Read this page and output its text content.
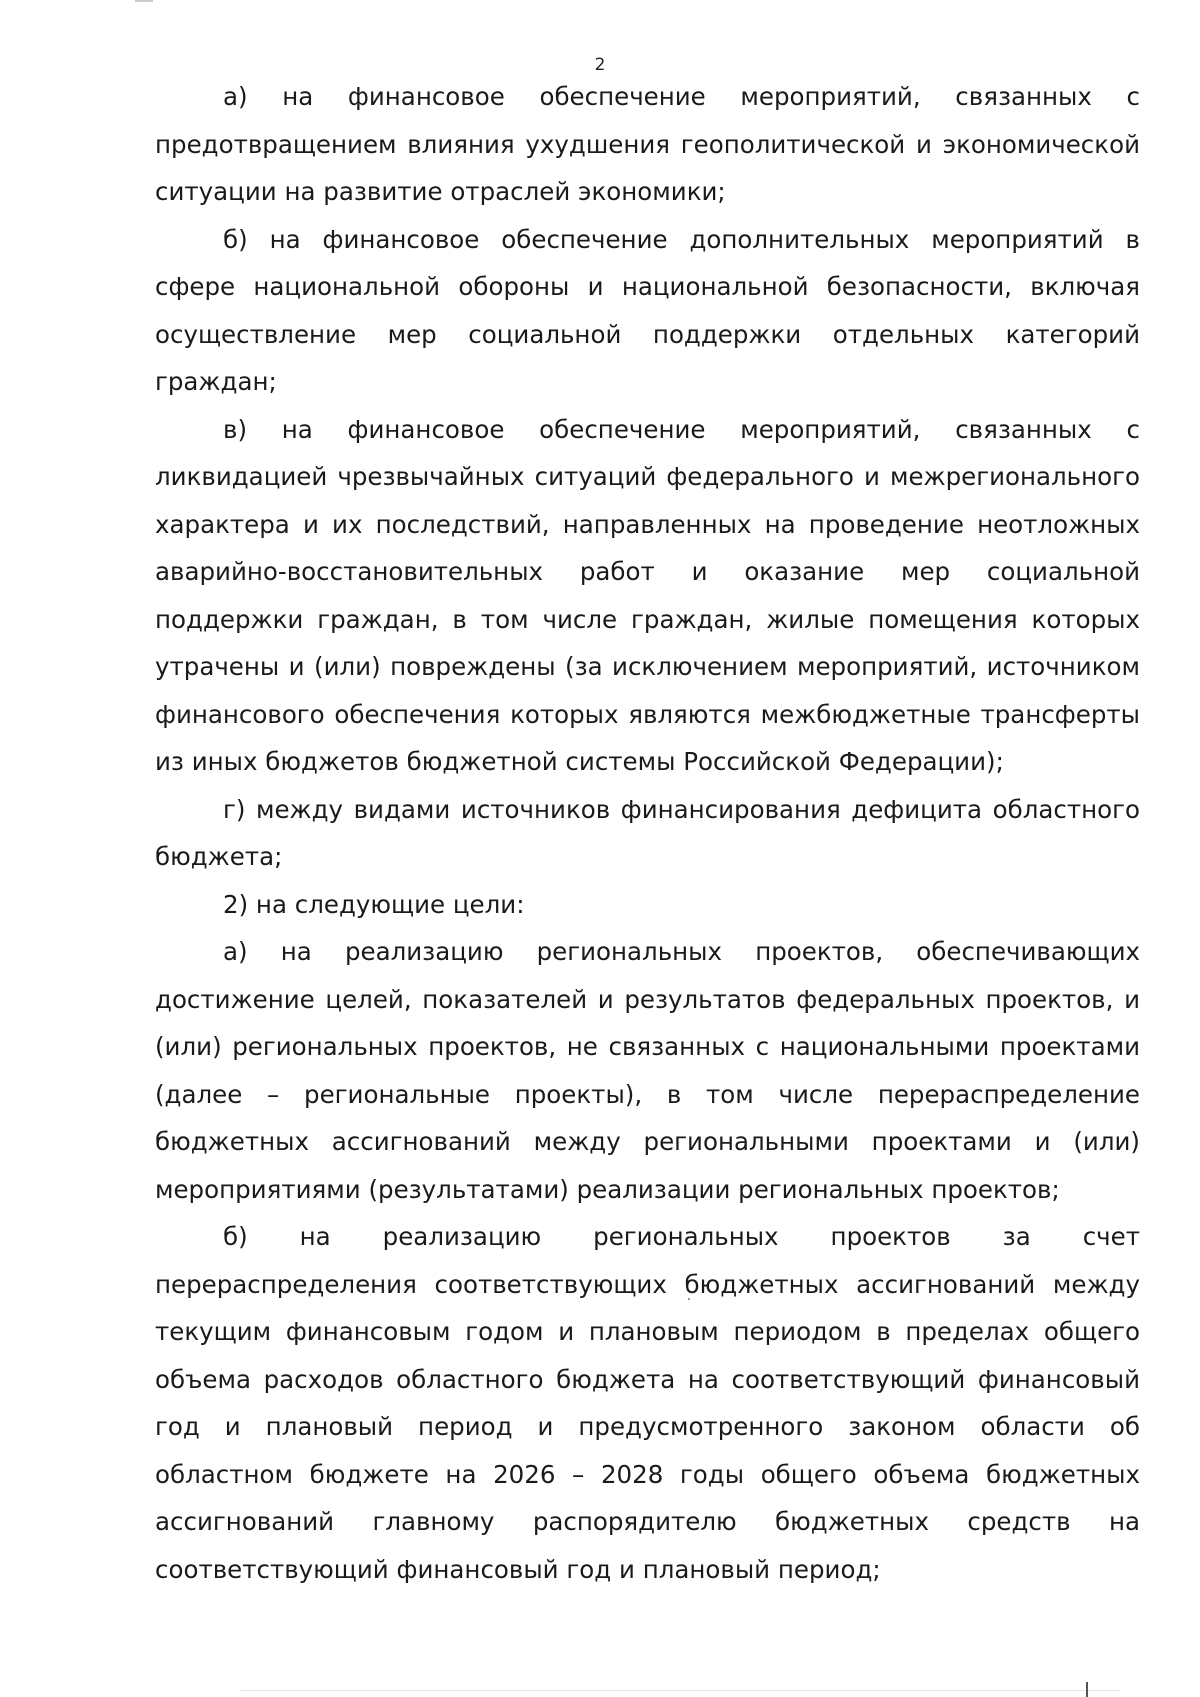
2

а) на финансовое обеспечение мероприятий, связанных с предотвращением влияния ухудшения геополитической и экономической ситуации на развитие отраслей экономики;

б) на финансовое обеспечение дополнительных мероприятий в сфере национальной обороны и национальной безопасности, включая осуществление мер социальной поддержки отдельных категорий граждан;

в) на финансовое обеспечение мероприятий, связанных с ликвидацией чрезвычайных ситуаций федерального и межрегионального характера и их последствий, направленных на проведение неотложных аварийно-восстановительных работ и оказание мер социальной поддержки граждан, в том числе граждан, жилые помещения которых утрачены и (или) повреждены (за исключением мероприятий, источником финансового обеспечения которых являются межбюджетные трансферты из иных бюджетов бюджетной системы Российской Федерации);

г) между видами источников финансирования дефицита областного бюджета;

2) на следующие цели:

а) на реализацию региональных проектов, обеспечивающих достижение целей, показателей и результатов федеральных проектов, и (или) региональных проектов, не связанных с национальными проектами (далее – региональные проекты), в том числе перераспределение бюджетных ассигнований между региональными проектами и (или) мероприятиями (результатами) реализации региональных проектов;

б) на реализацию региональных проектов за счет перераспределения соответствующих бюджетных ассигнований между текущим финансовым годом и плановым периодом в пределах общего объема расходов областного бюджета на соответствующий финансовый год и плановый период и предусмотренного законом области об областном бюджете на 2026 – 2028 годы общего объема бюджетных ассигнований главному распорядителю бюджетных средств на соответствующий финансовый год и плановый период;
